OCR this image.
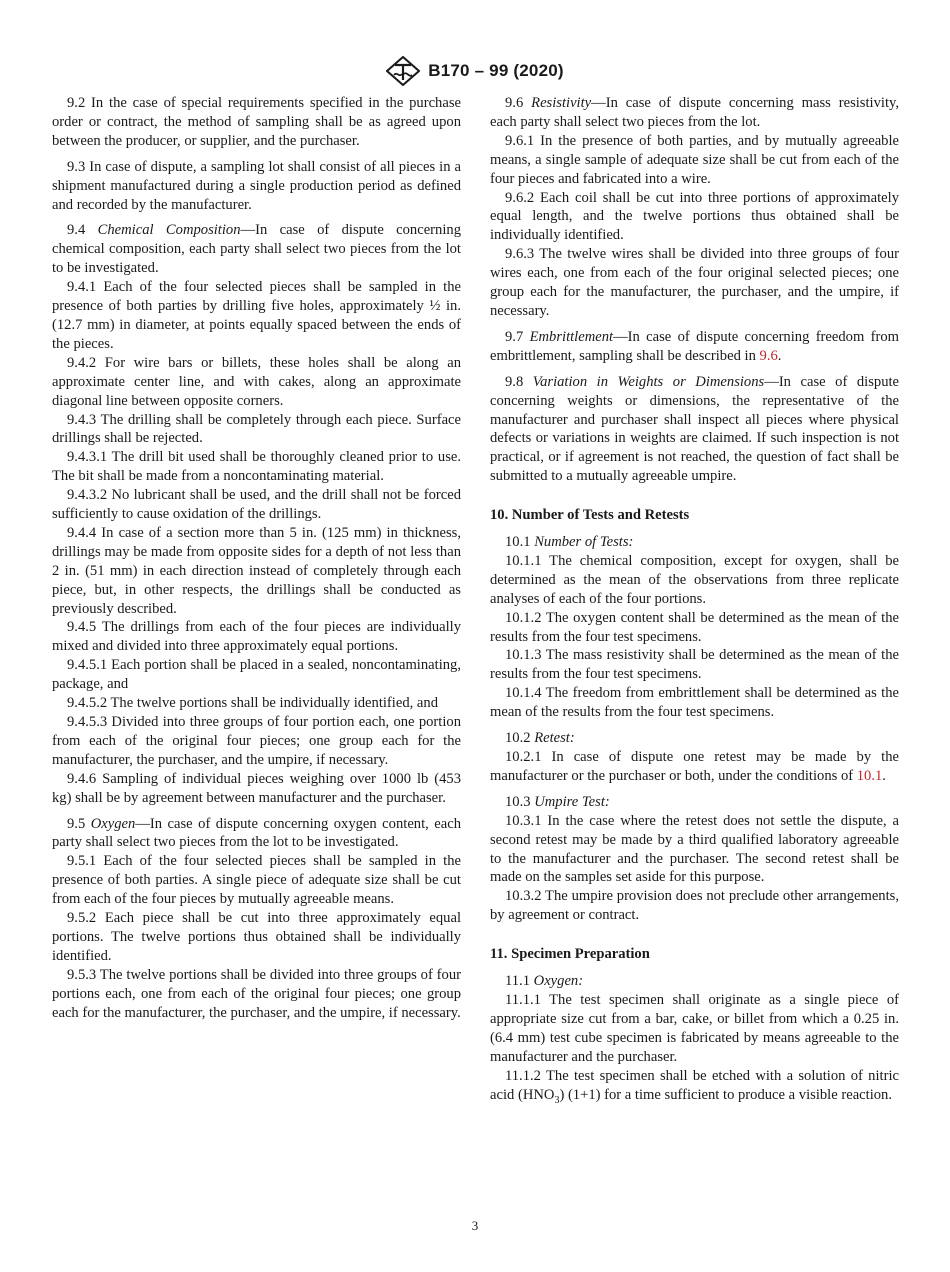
B170 – 99 (2020)

9.2 In the case of special requirements specified in the purchase order or contract, the method of sampling shall be as agreed upon between the producer, or supplier, and the purchaser.

9.3 In case of dispute, a sampling lot shall consist of all pieces in a shipment manufactured during a single production period as defined and recorded by the manufacturer.

9.4 Chemical Composition—In case of dispute concerning chemical composition, each party shall select two pieces from the lot to be investigated.

9.4.1 Each of the four selected pieces shall be sampled in the presence of both parties by drilling five holes, approximately ½ in. (12.7 mm) in diameter, at points equally spaced between the ends of the pieces.

9.4.2 For wire bars or billets, these holes shall be along an approximate center line, and with cakes, along an approximate diagonal line between opposite corners.

9.4.3 The drilling shall be completely through each piece. Surface drillings shall be rejected.

9.4.3.1 The drill bit used shall be thoroughly cleaned prior to use. The bit shall be made from a noncontaminating material.

9.4.3.2 No lubricant shall be used, and the drill shall not be forced sufficiently to cause oxidation of the drillings.

9.4.4 In case of a section more than 5 in. (125 mm) in thickness, drillings may be made from opposite sides for a depth of not less than 2 in. (51 mm) in each direction instead of completely through each piece, but, in other respects, the drillings shall be conducted as previously described.

9.4.5 The drillings from each of the four pieces are individually mixed and divided into three approximately equal portions.

9.4.5.1 Each portion shall be placed in a sealed, noncontaminating, package, and

9.4.5.2 The twelve portions shall be individually identified, and

9.4.5.3 Divided into three groups of four portion each, one portion from each of the original four pieces; one group each for the manufacturer, the purchaser, and the umpire, if necessary.

9.4.6 Sampling of individual pieces weighing over 1000 lb (453 kg) shall be by agreement between manufacturer and the purchaser.

9.5 Oxygen—In case of dispute concerning oxygen content, each party shall select two pieces from the lot to be investigated.

9.5.1 Each of the four selected pieces shall be sampled in the presence of both parties. A single piece of adequate size shall be cut from each of the four pieces by mutually agreeable means.

9.5.2 Each piece shall be cut into three approximately equal portions. The twelve portions thus obtained shall be individually identified.

9.5.3 The twelve portions shall be divided into three groups of four portions each, one from each of the original four pieces; one group each for the manufacturer, the purchaser, and the umpire, if necessary.

9.6 Resistivity—In case of dispute concerning mass resistivity, each party shall select two pieces from the lot.

9.6.1 In the presence of both parties, and by mutually agreeable means, a single sample of adequate size shall be cut from each of the four pieces and fabricated into a wire.

9.6.2 Each coil shall be cut into three portions of approximately equal length, and the twelve portions thus obtained shall be individually identified.

9.6.3 The twelve wires shall be divided into three groups of four wires each, one from each of the four original selected pieces; one group each for the manufacturer, the purchaser, and the umpire, if necessary.

9.7 Embrittlement—In case of dispute concerning freedom from embrittlement, sampling shall be described in 9.6.

9.8 Variation in Weights or Dimensions—In case of dispute concerning weights or dimensions, the representative of the manufacturer and purchaser shall inspect all pieces where physical defects or variations in weights are claimed. If such inspection is not practical, or if agreement is not reached, the question of fact shall be submitted to a mutually agreeable umpire.

10. Number of Tests and Retests

10.1 Number of Tests:

10.1.1 The chemical composition, except for oxygen, shall be determined as the mean of the observations from three replicate analyses of each of the four portions.

10.1.2 The oxygen content shall be determined as the mean of the results from the four test specimens.

10.1.3 The mass resistivity shall be determined as the mean of the results from the four test specimens.

10.1.4 The freedom from embrittlement shall be determined as the mean of the results from the four test specimens.

10.2 Retest:

10.2.1 In case of dispute one retest may be made by the manufacturer or the purchaser or both, under the conditions of 10.1.

10.3 Umpire Test:

10.3.1 In the case where the retest does not settle the dispute, a second retest may be made by a third qualified laboratory agreeable to the manufacturer and the purchaser. The second retest shall be made on the samples set aside for this purpose.

10.3.2 The umpire provision does not preclude other arrangements, by agreement or contract.

11. Specimen Preparation

11.1 Oxygen:

11.1.1 The test specimen shall originate as a single piece of appropriate size cut from a bar, cake, or billet from which a 0.25 in. (6.4 mm) test cube specimen is fabricated by means agreeable to the manufacturer and the purchaser.

11.1.2 The test specimen shall be etched with a solution of nitric acid $(HNO_3)$ (1+1) for a time sufficient to produce a visible reaction.

3
